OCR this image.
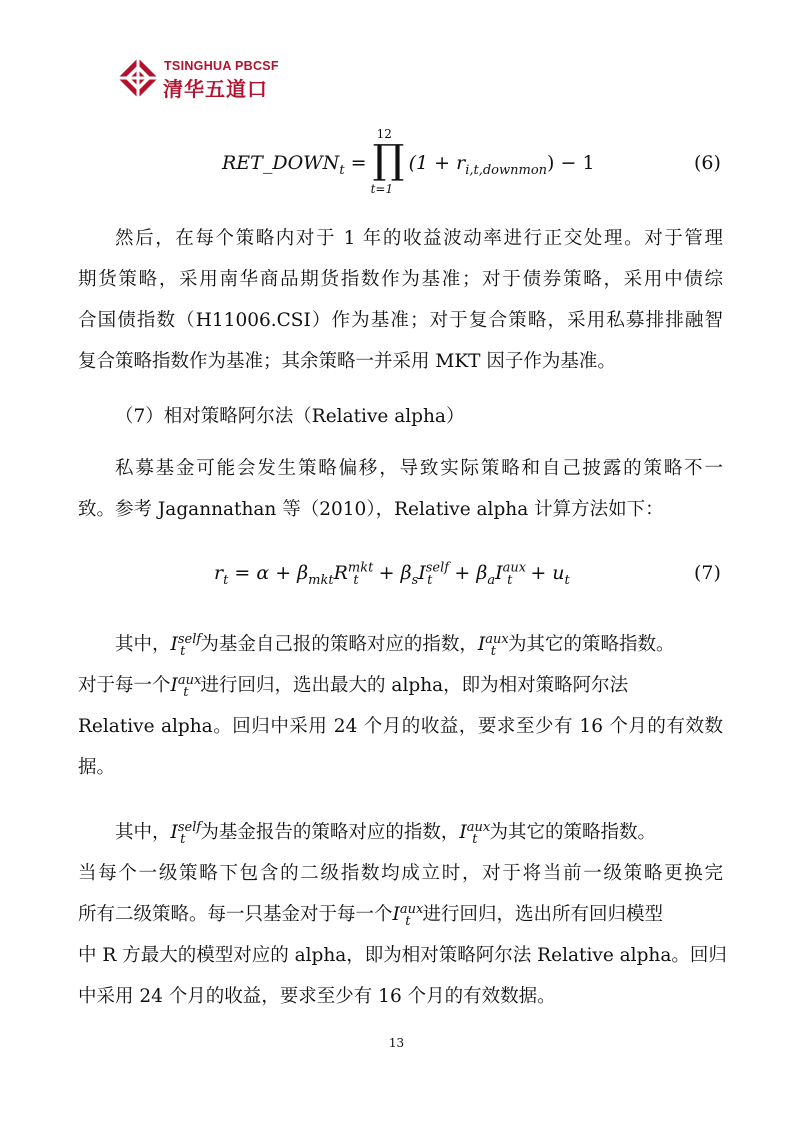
TSINGHUA PBCSF
清华五道口
$RET\_DOWN_t$ =
12
∏
t=1
$(1 + r_{i,t,downmon}) - 1$	(6)
然后，在每个策略内对于 1 年的收益波动率进行正交处理。对于管理
期货策略，采用南华商品期货指数作为基准；对于债券策略，采用中债综
合国债指数（H11006.CSI）作为基准；对于复合策略，采用私募排排融智
复合策略指数作为基准；其余策略一并采用 MKT 因子作为基准。
（7）相对策略阿尔法（Relative alpha）
私募基金可能会发生策略偏移，导致实际策略和自己披露的策略不一
致。参考 Jagannathan 等（2010），Relative alpha 计算方法如下：
$r_t = \alpha + \beta_{mkt}R^{mkt}_t + \beta_sI^{self}_t + \beta_aI^{aux}_t + u_t$	(7)
其中，$I^{self}_t$ 为基金自己报的策略对应的指数，$I^{aux}_t$ 为其它的策略指数。
对于每一个$I^{aux}_t$ 进行回归，选出最大的 alpha，即为相对策略阿尔法
Relative alpha。回归中采用 24 个月的收益，要求至少有 16 个月的有效数
据。
其中，$I^{self}_t$ 为基金报告的策略对应的指数，$I^{aux}_t$ 为其它的策略指数。
当每个一级策略下包含的二级指数均成立时，对于将当前一级策略更换完
所有二级策略。每一只基金对于每一个$I^{aux}_t$ 进行回归，选出所有回归模型
中 R 方最大的模型对应的 alpha，即为相对策略阿尔法 Relative alpha。回归
中采用 24 个月的收益，要求至少有 16 个月的有效数据。
13
